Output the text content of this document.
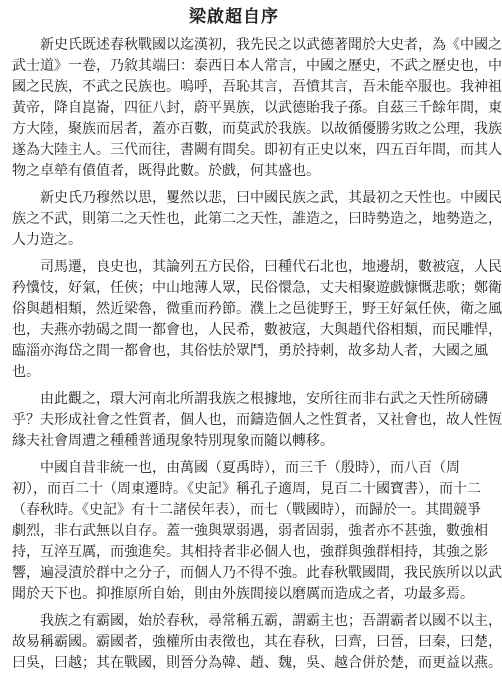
梁啟超自序
新史氏既述春秋戰國以迄漢初，我先民之以武德著聞於大史者，為《中國之
武士道》一卷，乃敘其端曰：泰西日本人常言，中國之歷史，不武之歷史也，中
國之民族，不武之民族也。嗚呼，吾恥其言，吾憤其言，吾未能卒服也。我神祖
黃帝，降自崑崙，四征八封，蔚平異族，以武德貽我子孫。自茲三千餘年間，東
方大陸，聚族而居者，蓋亦百數，而莫武於我族。以故循優勝劣敗之公理，我族
遂為大陸主人。三代而往，書闕有間矣。即初有正史以來，四五百年間，而其人
物之卓犖有僨值者，既得此數。於戲，何其盛也。
新史氏乃穆然以思，矍然以悲，曰中國民族之武，其最初之天性也。中國民
族之不武，則第二之天性也，此第二之天性，誰造之，曰時勢造之，地勢造之，
人力造之。
司馬遷，良史也，其論列五方民俗，曰種代石北也，地邊胡，數被寇，人民
矜懻忮，好氣，任俠；中山地薄人眾，民俗懁急，丈夫相聚遊戲慷慨悲歌；鄭衛
俗與趙相類，然近梁魯，微重而矜節。濮上之邑徙野王，野王好氣任俠，衛之風
也，夫燕亦勃碣之間一都會也，人民希，數被寇，大與趙代俗相類，而民雕悍，
臨淄亦海岱之間一都會也，其俗怯於眾鬥，勇於持刺，故多劫人者，大國之風
也。
由此觀之，環大河南北所謂我族之根據地，安所往而非右武之天性所磅礴
乎？夫形成社會之性質者，個人也，而鑄造個人之性質者，又社會也，故人性恆
緣夫社會周遭之種種普通現象特別現象而隨以轉移。
中國自昔非統一也，由萬國（夏禹時），而三千（殷時），而八百（周
初），而百二十（周東遷時。《史記》稱孔子適周，見百二十國寶書），而十二
（春秋時。《史記》有十二諸侯年表），而七（戰國時），而歸於一。其間競爭
劇烈，非右武無以自存。蓋一強與眾弱遇，弱者固弱，強者亦不甚強，數強相
持，互淬互厲，而強進矣。其相持者非必個人也，強群與強群相持，其強之影
響，遍浸漬於群中之分子，而個人乃不得不強。此春秋戰國間，我民族所以以武
聞於天下也。抑推原所自始，則由外族間接以磨厲而造成之者，功最多焉。
我族之有霸國，始於春秋，尋常稱五霸，謂霸主也；吾謂霸者以國不以主，
故易稱霸國。霸國者，強權所由表徵也，其在春秋，曰齊，曰晉，曰秦，曰楚，
曰吳，曰越；其在戰國，則晉分為韓、趙、魏，吳、越合併於楚，而更益以燕。
